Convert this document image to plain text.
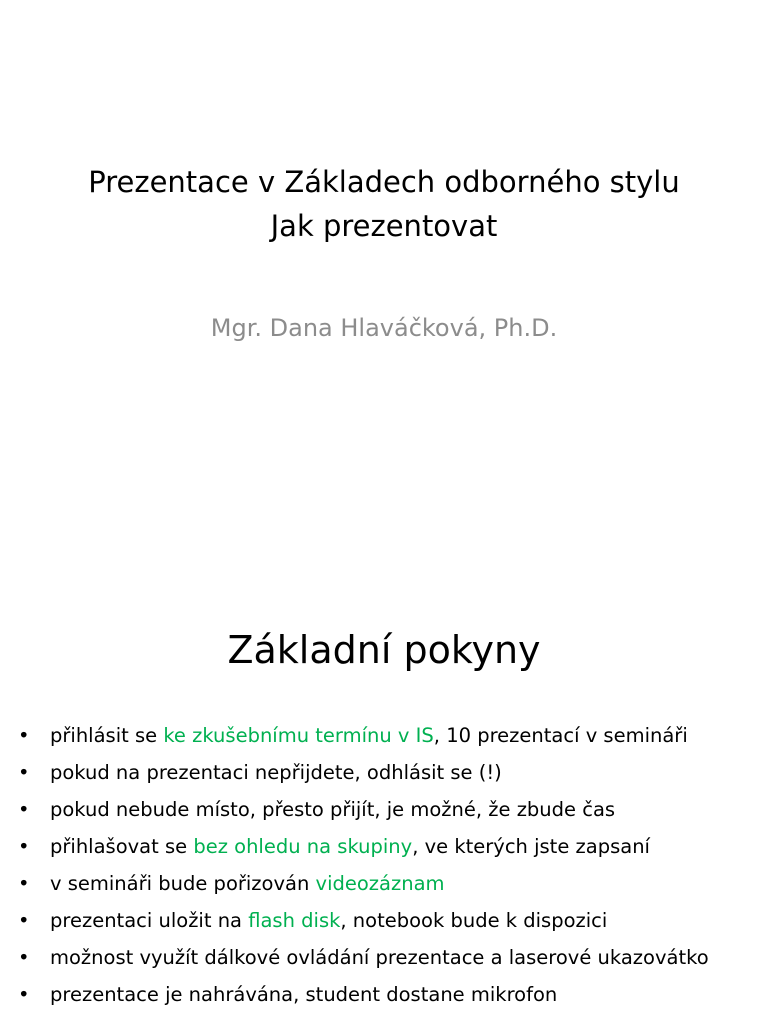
Prezentace v Základech odborného stylu
Jak prezentovat
Mgr. Dana Hlaváčková, Ph.D.
Základní pokyny
• přihlásit se ke zkušebnímu termínu v IS, 10 prezentací v semináři
• pokud na prezentaci nepřijdete, odhlásit se (!)
• pokud nebude místo, přesto přijít, je možné, že zbude čas
• přihlašovat se bez ohledu na skupiny, ve kterých jste zapsaní
• v semináři bude pořizován videozáznam
• prezentaci uložit na flash disk, notebook bude k dispozici
• možnost využít dálkové ovládání prezentace a laserové ukazovátko
• prezentace je nahrávána, student dostane mikrofon
